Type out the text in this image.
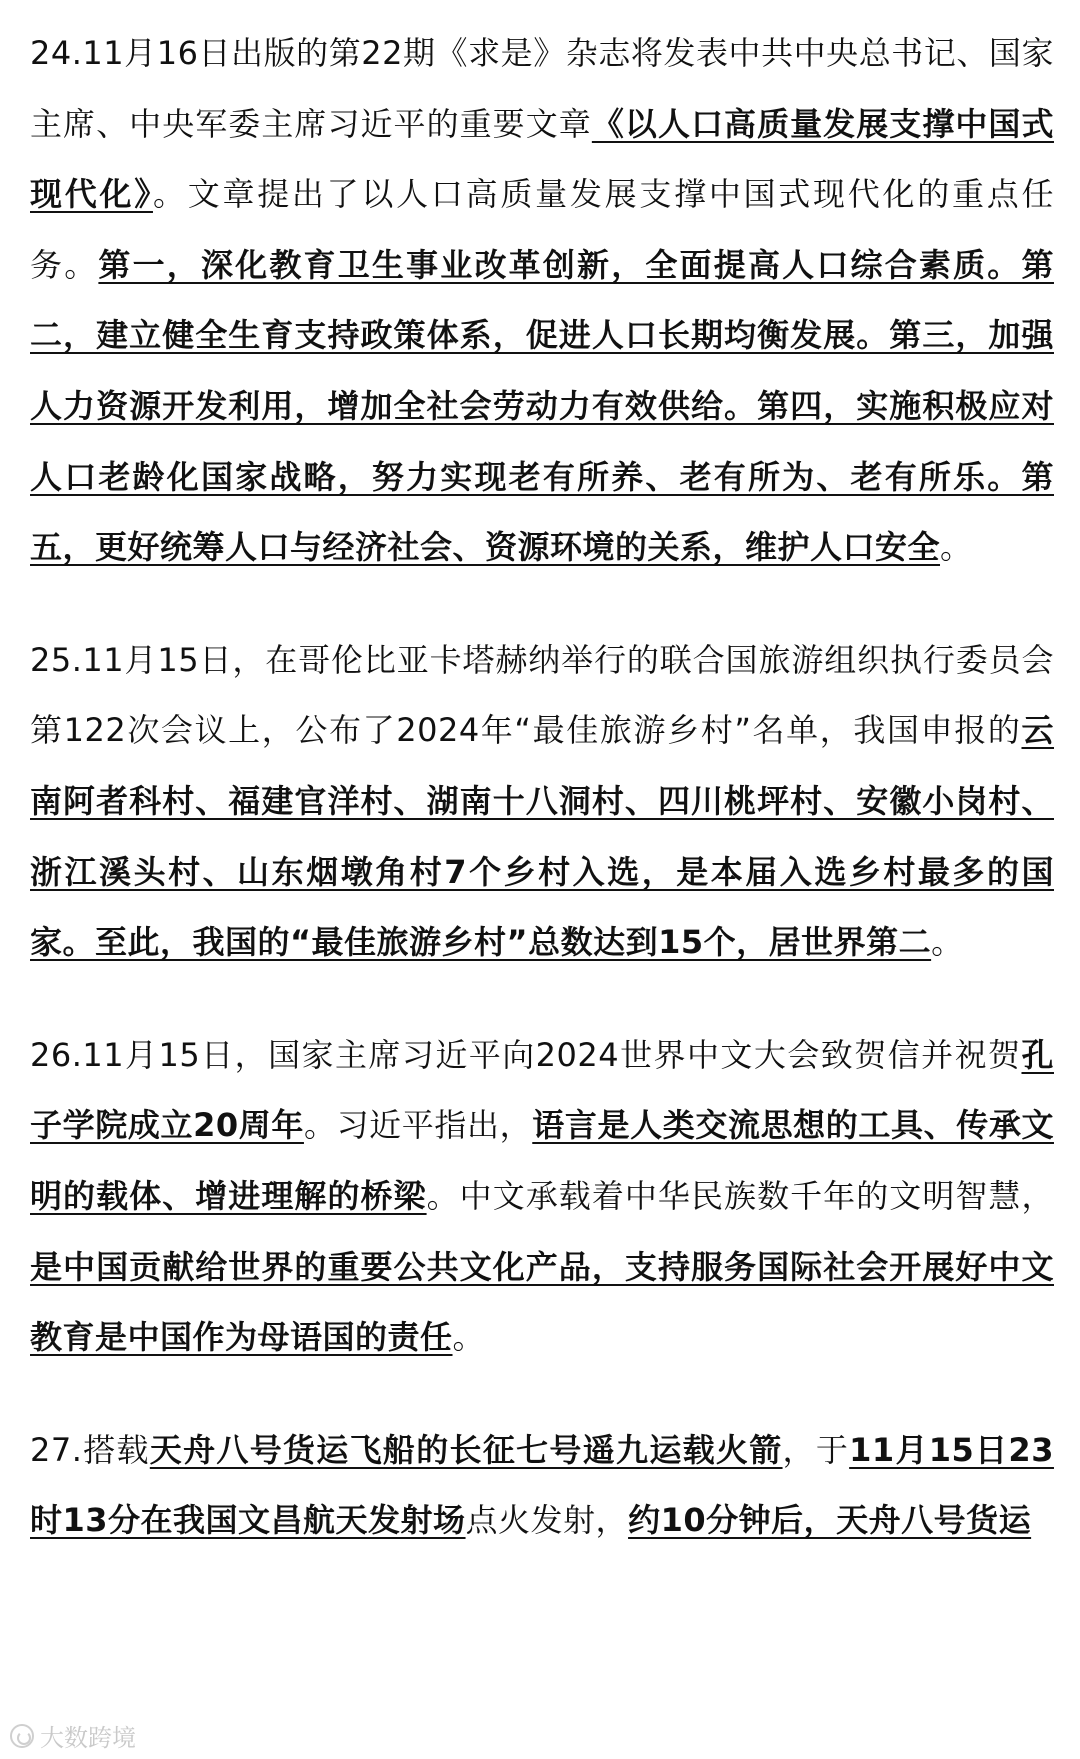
24.11月16日出版的第22期《求是》杂志将发表中共中央总书记、国家主席、中央军委主席习近平的重要文章《以人口高质量发展支撑中国式现代化》。文章提出了以人口高质量发展支撑中国式现代化的重点任务。第一，深化教育卫生事业改革创新，全面提高人口综合素质。第二，建立健全生育支持政策体系，促进人口长期均衡发展。第三，加强人力资源开发利用，增加全社会劳动力有效供给。第四，实施积极应对人口老龄化国家战略，努力实现老有所养、老有所为、老有所乐。第五，更好统筹人口与经济社会、资源环境的关系，维护人口安全。

25.11月15日，在哥伦比亚卡塔赫纳举行的联合国旅游组织执行委员会第122次会议上，公布了2024年“最佳旅游乡村”名单，我国申报的云南阿者科村、福建官洋村、湖南十八洞村、四川桃坪村、安徽小岗村、浙江溪头村、山东烟墩角村7个乡村入选，是本届入选乡村最多的国家。至此，我国的“最佳旅游乡村”总数达到15个，居世界第二。

26.11月15日，国家主席习近平向2024世界中文大会致贺信并祝贺孔子学院成立20周年。习近平指出，语言是人类交流思想的工具、传承文明的载体、增进理解的桥梁。中文承载着中华民族数千年的文明智慧，是中国贡献给世界的重要公共文化产品，支持服务国际社会开展好中文教育是中国作为母语国的责任。

27.搭载天舟八号货运飞船的长征七号遥九运载火箭，于11月15日23时13分在我国文昌航天发射场点火发射，约10分钟后，天舟八号货运

大数跨境
